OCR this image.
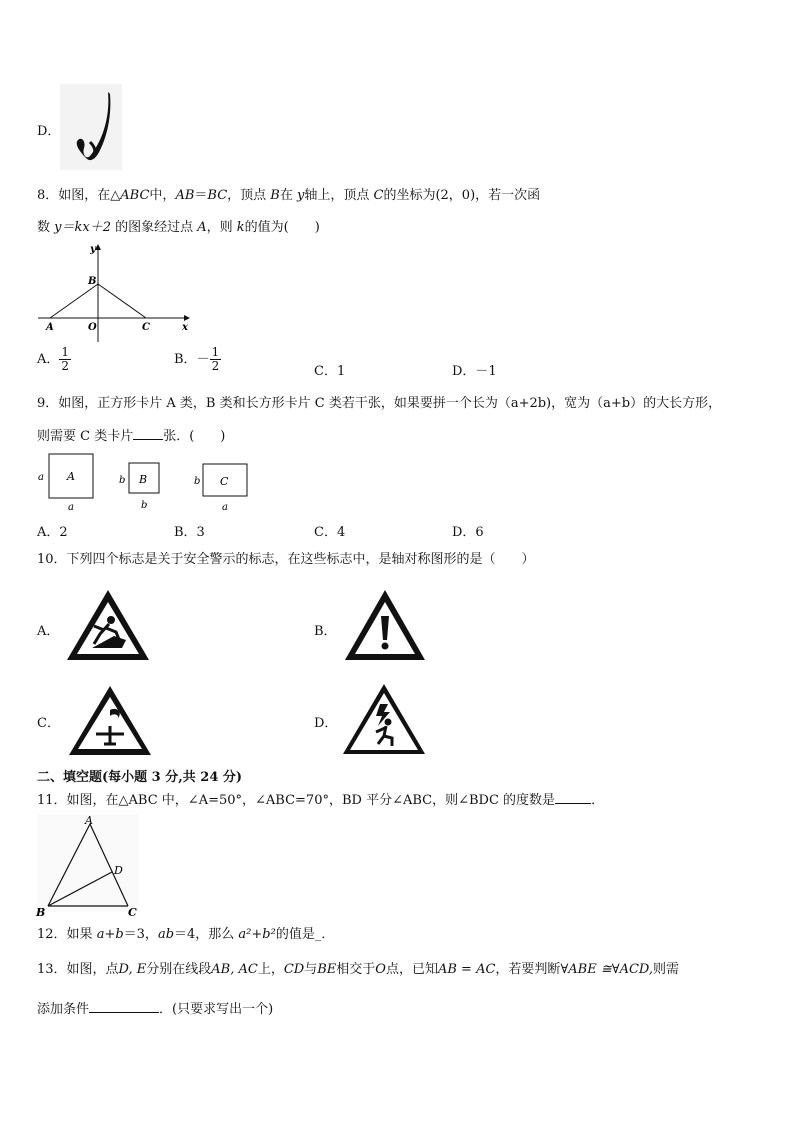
D．
8．如图，在△ABC中，AB＝BC，顶点 B在 y轴上，顶点 C的坐标为(2，0)，若一次函
数 y＝kx＋2 的图象经过点 A，则 k的值为(　　)
y
x
B
A	O	C
A． $\frac{1}{2}$	B．－ $\frac{1}{2}$	C．1	D．－1
9．如图，正方形卡片 A 类，B 类和长方形卡片 C 类若干张，如果要拼一个长为（a+2b)，宽为（a+b）的大长方形，
则需要 C 类卡片 张．(　　)
a A
a
b B
b
b C
a
A．2	B．3	C．4	D．6
10．下列四个标志是关于安全警示的标志，在这些标志中，是轴对称图形的是（　　）
A．	B．
C．	D．
二、填空题(每小题 3 分,共 24 分)
11．如图，在△ABC 中，∠A=50°，∠ABC=70°，BD 平分∠ABC，则∠BDC 的度数是	．
A
D
B	C
12．如果 a+b＝3，ab＝4，那么 a²+b²的值是_．
13．如图，点D, E分别在线段AB, AC上，CD与BE相交于O点，已知AB = AC，若要判断∀ABE ≅∀ACD,则需
添加条件	．(只要求写出一个)
